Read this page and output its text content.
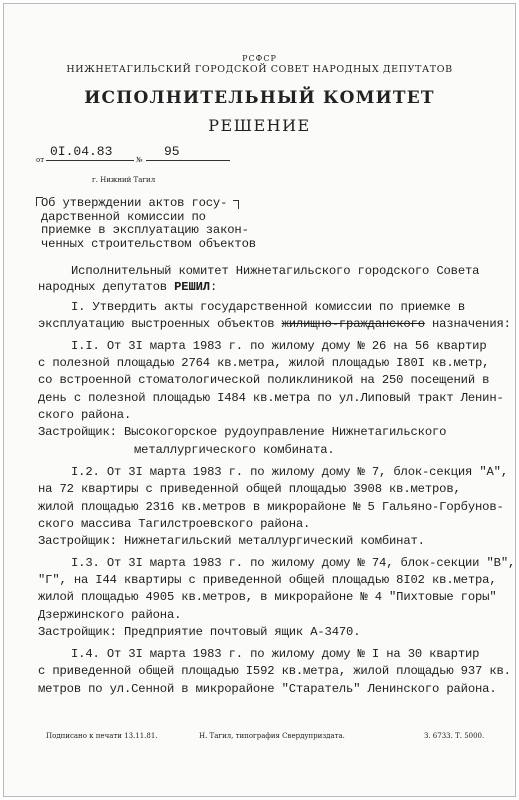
РСФСР
НИЖНЕТАГИЛЬСКИЙ ГОРОДСКОЙ СОВЕТ НАРОДНЫХ ДЕПУТАТОВ
ИСПОЛНИТЕЛЬНЫЙ КОМИТЕТ
РЕШЕНИЕ
от
0I.04.83
№
95
г. Нижний Тагил
Об утверждении актов госу-
дарственной комиссии по
приемке в эксплуатацию закон-
ченных строительством объектов
Исполнительный комитет Нижнетагильского городского Совета
народных депутатов РЕШИЛ:
I. Утвердить акты государственной комиссии по приемке в
эксплуатацию выстроенных объектов жилищно-гражданского назначения:
I.I. От 3I марта 1983 г. по жилому дому № 26 на 56 квартир
с полезной площадью 2764 кв.метра, жилой площадью I80I кв.метр,
со встроенной стоматологической поликлиникой на 250 посещений в
день с полезной площадью I484 кв.метра по ул.Липовый тракт Ленин-
ского района.
Застройщик: Высокогорское рудоуправление Нижнетагильского
металлургического комбината.
I.2. От 3I марта 1983 г. по жилому дому № 7, блок-секция "А",
на 72 квартиры с приведенной общей площадью 3908 кв.метров,
жилой площадью 2316 кв.метров в микрорайоне № 5 Гальяно-Горбунов-
ского массива Тагилстроевского района.
Застройщик: Нижнетагильский металлургический комбинат.
I.3. От 3I марта 1983 г. по жилому дому № 74, блок-секции "В",
"Г", на I44 квартиры с приведенной общей площадью 8I02 кв.метра,
жилой площадью 4905 кв.метров, в микрорайоне № 4 "Пихтовые горы"
Дзержинского района.
Застройщик: Предприятие почтовый ящик А-3470.
I.4. От 3I марта 1983 г. по жилому дому № I на 30 квартир
с приведенной общей площадью I592 кв.метра, жилой площадью 937 кв.
метров по ул.Сенной в микрорайоне "Старатель" Ленинского района.
Подписано к печати 13.11.81.	Н. Тагил, типография Свердуприздата.	З. 6733. Т. 5000.
